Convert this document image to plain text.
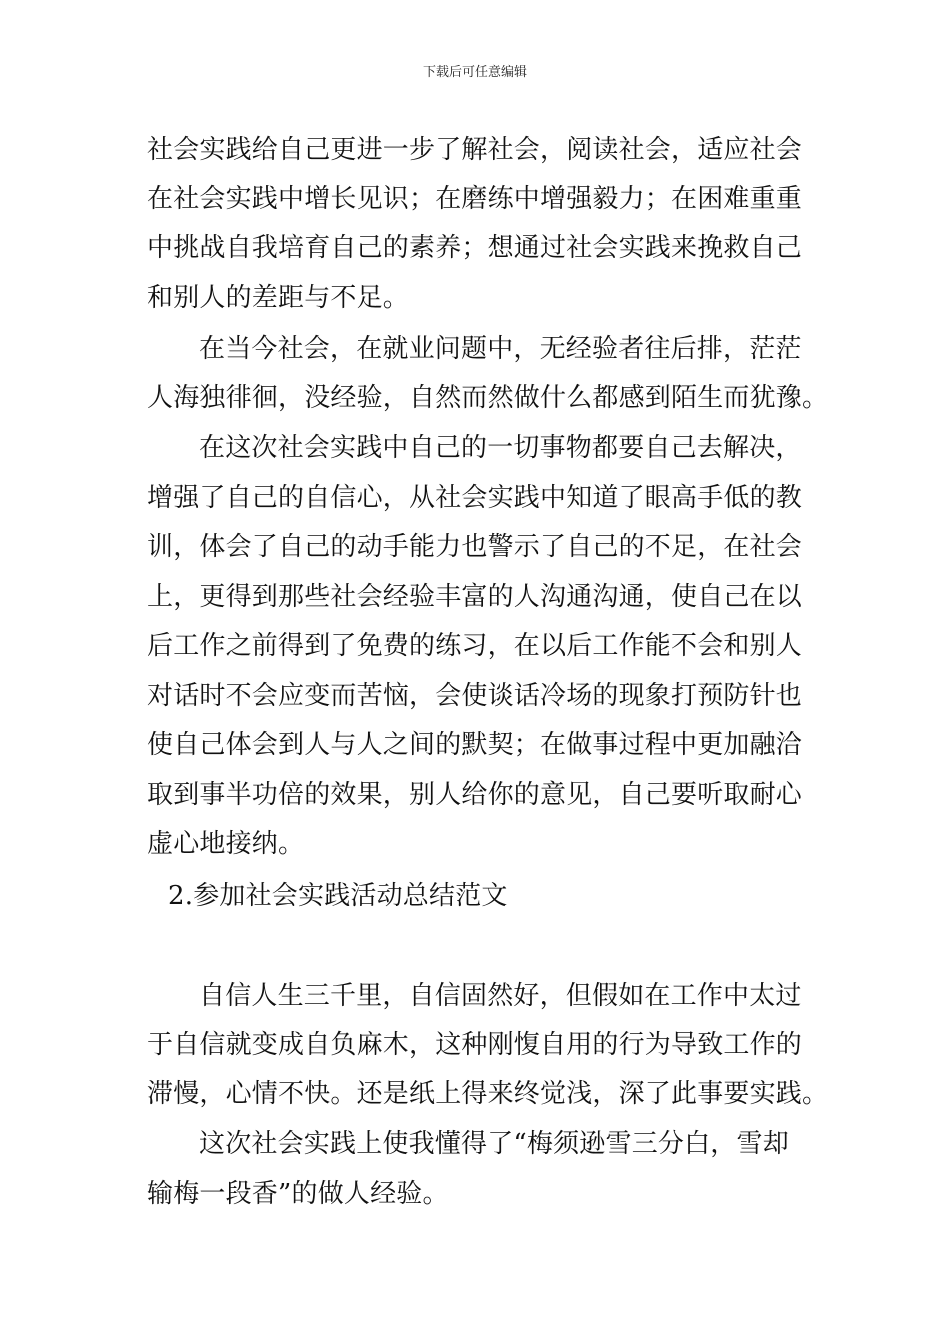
下载后可任意编辑
社会实践给自己更进一步了解社会，阅读社会，适应社会
在社会实践中增长见识；在磨练中增强毅力；在困难重重
中挑战自我培育自己的素养；想通过社会实践来挽救自己
和别人的差距与不足。
在当今社会，在就业问题中，无经验者往后排，茫茫
人海独徘徊，没经验，自然而然做什么都感到陌生而犹豫。
在这次社会实践中自己的一切事物都要自己去解决，
增强了自己的自信心，从社会实践中知道了眼高手低的教
训，体会了自己的动手能力也警示了自己的不足，在社会
上，更得到那些社会经验丰富的人沟通沟通，使自己在以
后工作之前得到了免费的练习，在以后工作能不会和别人
对话时不会应变而苦恼，会使谈话冷场的现象打预防针也
使自己体会到人与人之间的默契；在做事过程中更加融洽
取到事半功倍的效果，别人给你的意见，自己要听取耐心
虚心地接纳。
2.参加社会实践活动总结范文
自信人生三千里，自信固然好，但假如在工作中太过
于自信就变成自负麻木，这种刚愎自用的行为导致工作的
滞慢，心情不快。还是纸上得来终觉浅，深了此事要实践。
这次社会实践上使我懂得了“梅须逊雪三分白，雪却
输梅一段香”的做人经验。
